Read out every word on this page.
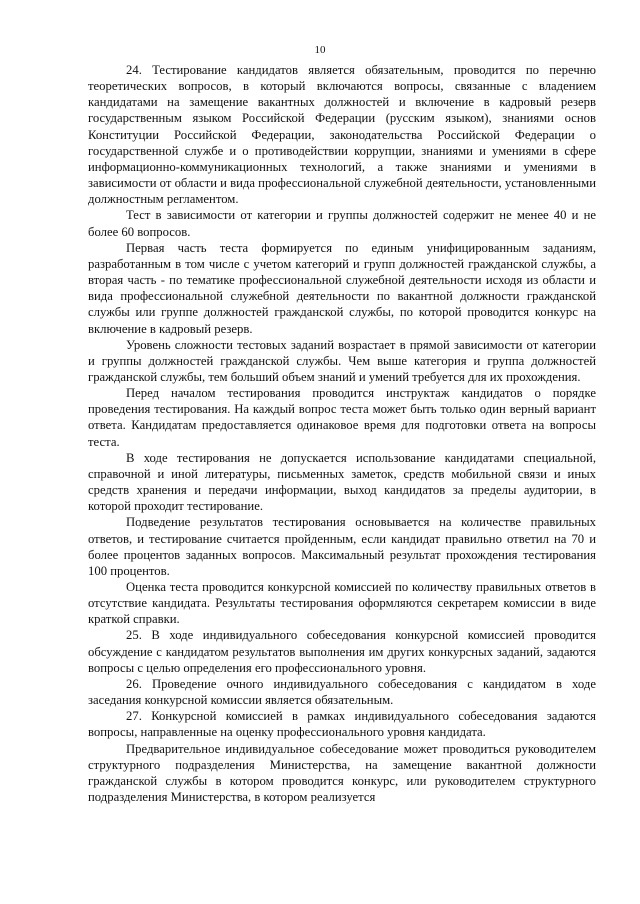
10

24. Тестирование кандидатов является обязательным, проводится по перечню теоретических вопросов, в который включаются вопросы, связанные с владением кандидатами на замещение вакантных должностей и включение в кадровый резерв государственным языком Российской Федерации (русским языком), знаниями основ Конституции Российской Федерации, законодательства Российской Федерации о государственной службе и о противодействии коррупции, знаниями и умениями в сфере информационно-коммуникационных технологий, а также знаниями и умениями в зависимости от области и вида профессиональной служебной деятельности, установленными должностным регламентом.

Тест в зависимости от категории и группы должностей содержит не менее 40 и не более 60 вопросов.

Первая часть теста формируется по единым унифицированным заданиям, разработанным в том числе с учетом категорий и групп должностей гражданской службы, а вторая часть - по тематике профессиональной служебной деятельности исходя из области и вида профессиональной служебной деятельности по вакантной должности гражданской службы или группе должностей гражданской службы, по которой проводится конкурс на включение в кадровый резерв.

Уровень сложности тестовых заданий возрастает в прямой зависимости от категории и группы должностей гражданской службы. Чем выше категория и группа должностей гражданской службы, тем больший объем знаний и умений требуется для их прохождения.

Перед началом тестирования проводится инструктаж кандидатов о порядке проведения тестирования. На каждый вопрос теста может быть только один верный вариант ответа. Кандидатам предоставляется одинаковое время для подготовки ответа на вопросы теста.

В ходе тестирования не допускается использование кандидатами специальной, справочной и иной литературы, письменных заметок, средств мобильной связи и иных средств хранения и передачи информации, выход кандидатов за пределы аудитории, в которой проходит тестирование.

Подведение результатов тестирования основывается на количестве правильных ответов, и тестирование считается пройденным, если кандидат правильно ответил на 70 и более процентов заданных вопросов. Максимальный результат прохождения тестирования 100 процентов.

Оценка теста проводится конкурсной комиссией по количеству правильных ответов в отсутствие кандидата. Результаты тестирования оформляются секретарем комиссии в виде краткой справки.

25. В ходе индивидуального собеседования конкурсной комиссией проводится обсуждение с кандидатом результатов выполнения им других конкурсных заданий, задаются вопросы с целью определения его профессионального уровня.

26. Проведение очного индивидуального собеседования с кандидатом в ходе заседания конкурсной комиссии является обязательным.

27. Конкурсной комиссией в рамках индивидуального собеседования задаются вопросы, направленные на оценку профессионального уровня кандидата.

Предварительное индивидуальное собеседование может проводиться руководителем структурного подразделения Министерства, на замещение вакантной должности гражданской службы в котором проводится конкурс, или руководителем структурного подразделения Министерства, в котором реализуется
